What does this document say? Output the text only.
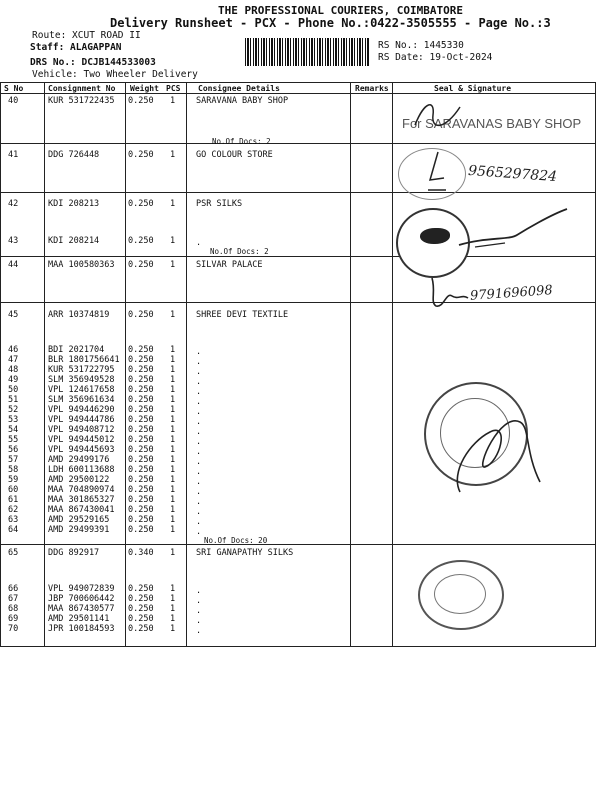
THE PROFESSIONAL COURIERS, COIMBATORE
Delivery Runsheet - PCX - Phone No.:0422-3505555 - Page No.:3
Route: XCUT ROAD II
Staff: ALAGAPPAN
DRS No.: DCJB144533003
Vehicle: Two Wheeler Delivery
RS No.: 1445330
RS Date: 19-Oct-2024
S No	Consignment No Weight PCS Consignee Details	Remarks	Seal & Signature
40	KUR 531722435 0.250 1 SARAVANA BABY SHOP
41	DDG 726448	0.250 1 GO COLOUR STORE
42	KDI 208213	0.250 1 PSR SILKS
43	KDI 208214	0.250 1 .
44	MAA 100580363 0.250 1 SILVAR PALACE
45	ARR 10374819 0.250 1 SHREE DEVI TEXTILE
46	BDI 2021704	0.250 1 .
47	BLR 1801756641 0.250 1 .
48	KUR 531722795 0.250 1 .
49	SLM 356949528 0.250 1 .
50	VPL 124617658 0.250 1 .
51	SLM 356961634 0.250 1 .
52	VPL 949446290 0.250 1 .
53	VPL 949444786 0.250 1 .
54	VPL 949408712 0.250 1 .
55	VPL 949445012 0.250 1 .
56	VPL 949445693 0.250 1 .
57	AMD 29499176 0.250 1 .
58	LDH 600113688 0.250 1 .
59	AMD 29500122 0.250 1 .
60	MAA 704890974 0.250 1 .
61	MAA 301865327 0.250 1 .
62	MAA 867430041 0.250 1 .
63	AMD 29529165 0.250 1 .
64	AMD 29499391 0.250 1 .
65	DDG 892917	0.340 1 SRI GANAPATHY SILKS
66	VPL 949072839 0.250 1 .
67	JBP 700606442 0.250 1 .
68	MAA 867430577 0.250 1 .
69	AMD 29501141 0.250 1 .
70	JPR 100184593 0.250 1 .
No.Of Docs: 2
No.Of Docs: 2
No.Of Docs: 20
For SARAVANAS BABY SHOP
9565297824
9791696098
